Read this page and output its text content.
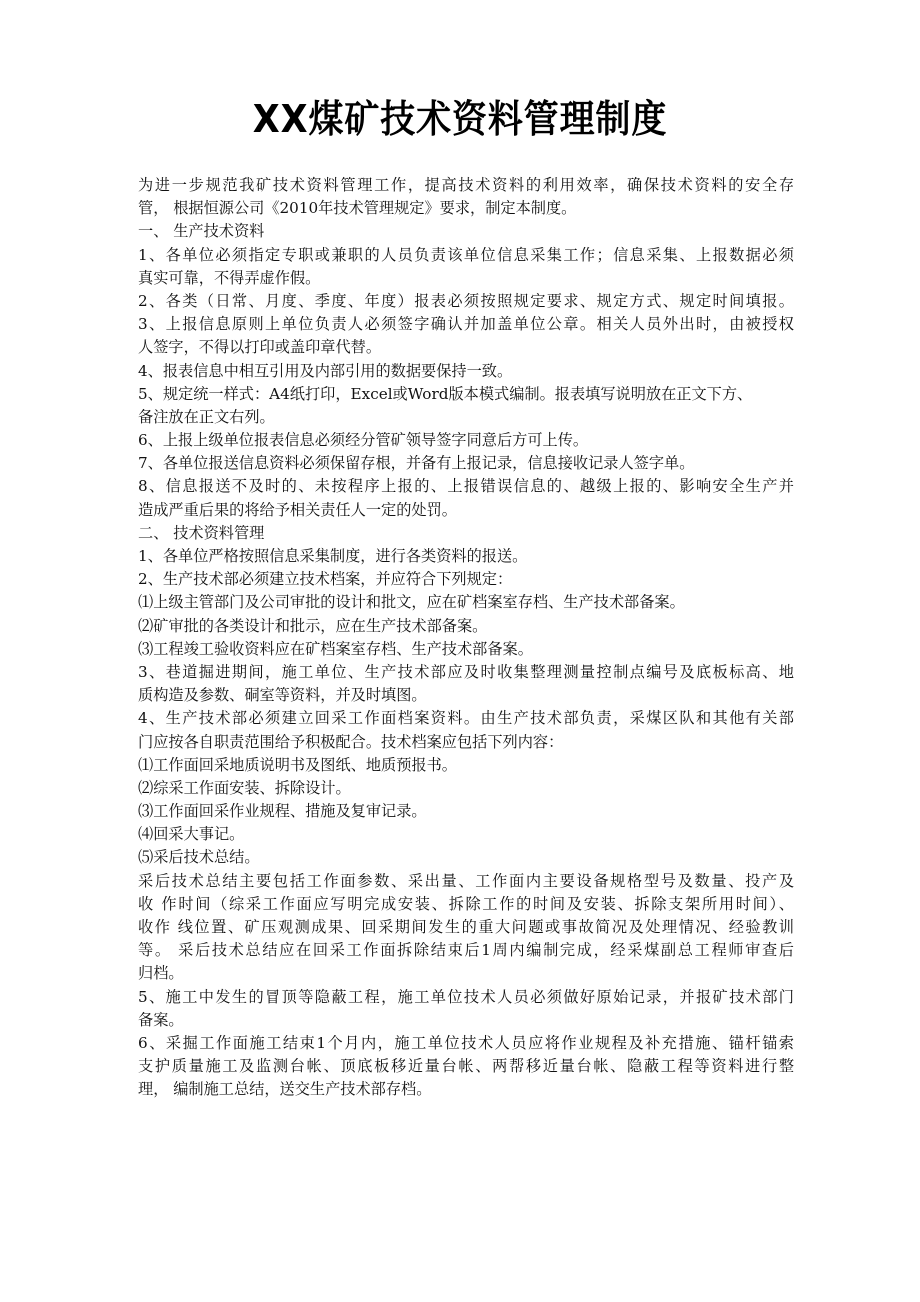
XX煤矿技术资料管理制度
为进一步规范我矿技术资料管理工作，提高技术资料的利用效率，确保技术资料的安全存
管， 根据恒源公司《2010年技术管理规定》要求，制定本制度。
一、 生产技术资料
1、各单位必须指定专职或兼职的人员负责该单位信息采集工作；信息采集、上报数据必须
真实可靠，不得弄虚作假。
2、各类（日常、月度、季度、年度）报表必须按照规定要求、规定方式、规定时间填报。
3、上报信息原则上单位负责人必须签字确认并加盖单位公章。相关人员外出时，由被授权
人签字，不得以打印或盖印章代替。
4、报表信息中相互引用及内部引用的数据要保持一致。
5、规定统一样式：A4纸打印，Excel或Word版本模式编制。报表填写说明放在正文下方、
备注放在正文右列。
6、上报上级单位报表信息必须经分管矿领导签字同意后方可上传。
7、各单位报送信息资料必须保留存根，并备有上报记录，信息接收记录人签字单。
8、信息报送不及时的、未按程序上报的、上报错误信息的、越级上报的、影响安全生产并
造成严重后果的将给予相关责任人一定的处罚。
二、 技术资料管理
1、各单位严格按照信息采集制度，进行各类资料的报送。
2、生产技术部必须建立技术档案，并应符合下列规定：
⑴上级主管部门及公司审批的设计和批文，应在矿档案室存档、生产技术部备案。
⑵矿审批的各类设计和批示，应在生产技术部备案。
⑶工程竣工验收资料应在矿档案室存档、生产技术部备案。
3、巷道掘进期间，施工单位、生产技术部应及时收集整理测量控制点编号及底板标高、地
质构造及参数、硐室等资料，并及时填图。
4、生产技术部必须建立回采工作面档案资料。由生产技术部负责，采煤区队和其他有关部
门应按各自职责范围给予积极配合。技术档案应包括下列内容：
⑴工作面回采地质说明书及图纸、地质预报书。
⑵综采工作面安装、拆除设计。
⑶工作面回采作业规程、措施及复审记录。
⑷回采大事记。
⑸采后技术总结。
采后技术总结主要包括工作面参数、采出量、工作面内主要设备规格型号及数量、投产及
收 作时间（综采工作面应写明完成安装、拆除工作的时间及安装、拆除支架所用时间）、
收作 线位置、矿压观测成果、回采期间发生的重大问题或事故简况及处理情况、经验教训
等。 采后技术总结应在回采工作面拆除结束后1周内编制完成，经采煤副总工程师审查后
归档。
5、施工中发生的冒顶等隐蔽工程，施工单位技术人员必须做好原始记录，并报矿技术部门
备案。
6、采掘工作面施工结束1个月内，施工单位技术人员应将作业规程及补充措施、锚杆锚索
支护质量施工及监测台帐、顶底板移近量台帐、两帮移近量台帐、隐蔽工程等资料进行整
理， 编制施工总结，送交生产技术部存档。
